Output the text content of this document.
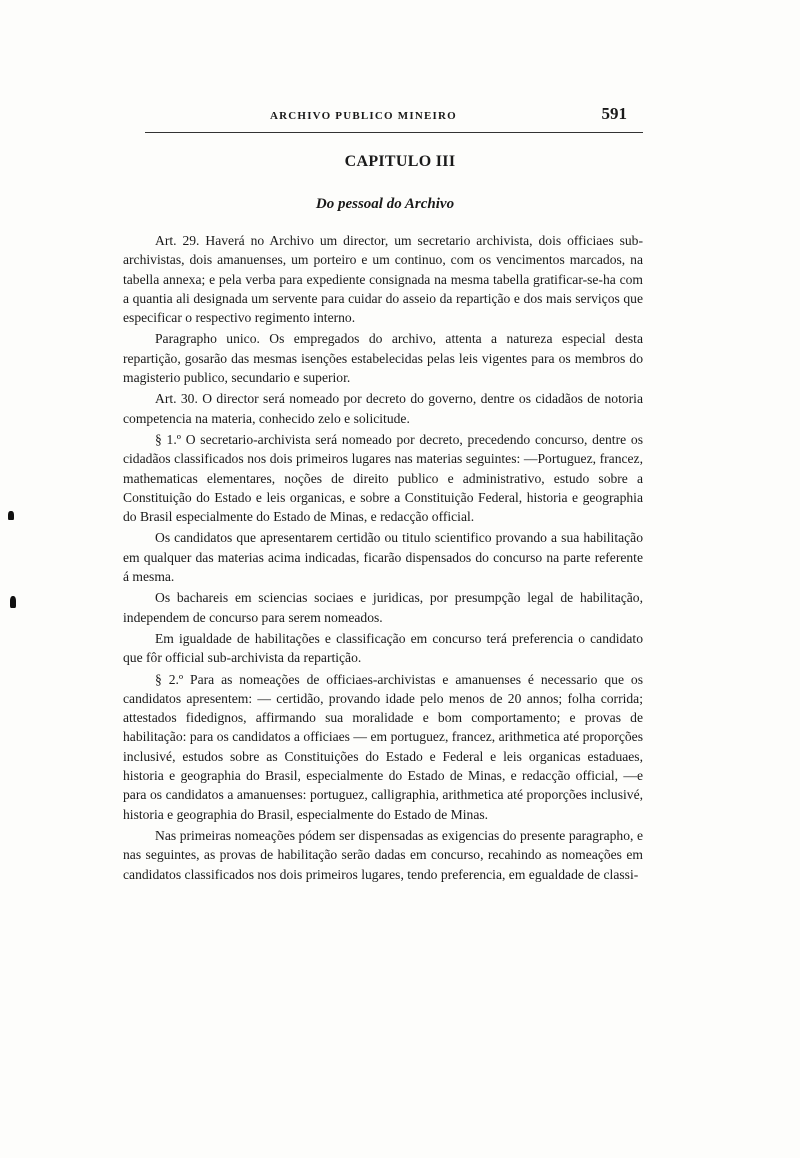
ARCHIVO PUBLICO MINEIRO	591
CAPITULO III
Do pessoal do Archivo

Art. 29. Haverá no Archivo um director, um secretario archivista, dois officiaes sub-archivistas, dois amanuenses, um porteiro e um continuo, com os vencimentos marcados, na tabella annexa; e pela verba para expediente consignada na mesma tabella gratificar-se-ha com a quantia ali designada um servente para cuidar do asseio da repartição e dos mais serviços que especificar o respectivo regimento interno.

Paragrapho unico. Os empregados do archivo, attenta a natureza especial desta repartição, gosarão das mesmas isenções estabelecidas pelas leis vigentes para os membros do magisterio publico, secundario e superior.

Art. 30. O director será nomeado por decreto do governo, dentre os cidadãos de notoria competencia na materia, conhecido zelo e solicitude.

§ 1.º O secretario-archivista será nomeado por decreto, precedendo concurso, dentre os cidadãos classificados nos dois primeiros lugares nas materias seguintes: —Portuguez, francez, mathematicas elementares, noções de direito publico e administrativo, estudo sobre a Constituição do Estado e leis organicas, e sobre a Constituição Federal, historia e geographia do Brasil especialmente do Estado de Minas, e redacção official.

Os candidatos que apresentarem certidão ou titulo scientifico provando a sua habilitação em qualquer das materias acima indicadas, ficarão dispensados do concurso na parte referente á mesma.

Os bachareis em sciencias sociaes e juridicas, por presumpção legal de habilitação, independem de concurso para serem nomeados.

Em igualdade de habilitações e classificação em concurso terá preferencia o candidato que fôr official sub-archivista da repartição.

§ 2.º Para as nomeações de officiaes-archivistas e amanuenses é necessario que os candidatos apresentem: — certidão, provando idade pelo menos de 20 annos; folha corrida; attestados fidedignos, affirmando sua moralidade e bom comportamento; e provas de habilitação: para os candidatos a officiaes — em portuguez, francez, arithmetica até proporções inclusivé, estudos sobre as Constituições do Estado e Federal e leis organicas estaduaes, historia e geographia do Brasil, especialmente do Estado de Minas, e redacção official, —e para os candidatos a amanuenses: portuguez, calligraphia, arithmetica até proporções inclusivé, historia e geographia do Brasil, especialmente do Estado de Minas.

Nas primeiras nomeações pódem ser dispensadas as exigencias do presente paragrapho, e nas seguintes, as provas de habilitação serão dadas em concurso, recahindo as nomeações em candidatos classificados nos dois primeiros lugares, tendo preferencia, em egualdade de classi-
